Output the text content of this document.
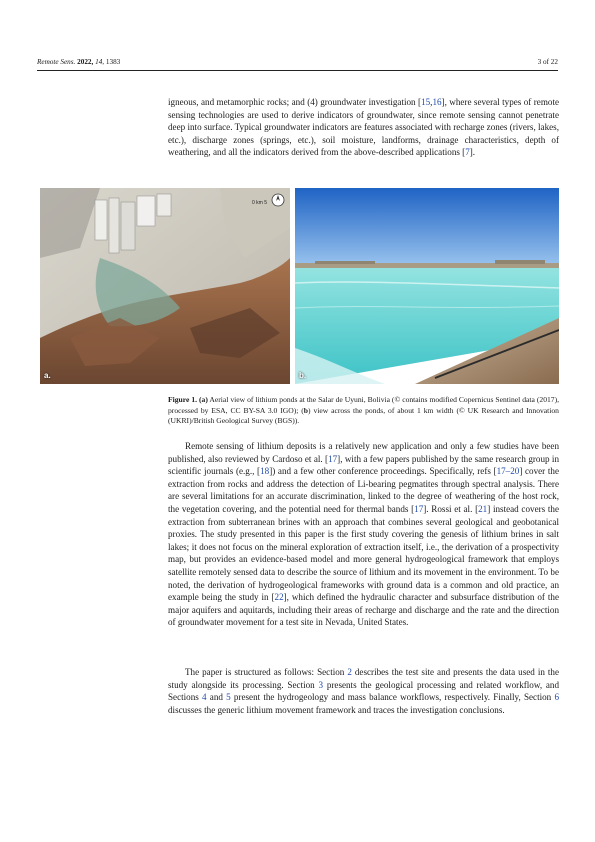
Remote Sens. 2022, 14, 1383	3 of 22

igneous, and metamorphic rocks; and (4) groundwater investigation [15,16], where several types of remote sensing technologies are used to derive indicators of groundwater, since remote sensing cannot penetrate deep into surface. Typical groundwater indicators are features associated with recharge zones (rivers, lakes, etc.), discharge zones (springs, etc.), soil moisture, landforms, drainage characteristics, depth of weathering, and all the indicators derived from the above-described applications [7].

a.	b.
0 km 5
Figure 1. (a) Aerial view of lithium ponds at the Salar de Uyuni, Bolivia (© contains modified Copernicus Sentinel data (2017), processed by ESA, CC BY-SA 3.0 IGO); (b) view across the ponds, of about 1 km width (© UK Research and Innovation (UKRI)/British Geological Survey (BGS)).

Remote sensing of lithium deposits is a relatively new application and only a few studies have been published, also reviewed by Cardoso et al. [17], with a few papers published by the same research group in scientific journals (e.g., [18]) and a few other conference proceedings. Specifically, refs [17–20] cover the extraction from rocks and address the detection of Li-bearing pegmatites through spectral analysis. There are several limitations for an accurate discrimination, linked to the degree of weathering of the host rock, the vegetation covering, and the potential need for thermal bands [17]. Rossi et al. [21] instead covers the extraction from subterranean brines with an approach that combines several geological and geobotanical proxies. The study presented in this paper is the first study covering the genesis of lithium brines in salt lakes; it does not focus on the mineral exploration of extraction itself, i.e., the derivation of a prospectivity map, but provides an evidence-based model and more general hydrogeological framework that employs satellite remotely sensed data to describe the source of lithium and its movement in the environment. To be noted, the derivation of hydrogeological frameworks with ground data is a common and old practice, an example being the study in [22], which defined the hydraulic character and subsurface distribution of the major aquifers and aquitards, including their areas of recharge and discharge and the rate and the direction of groundwater movement for a test site in Nevada, United States.

The paper is structured as follows: Section 2 describes the test site and presents the data used in the study alongside its processing. Section 3 presents the geological processing and related workflow, and Sections 4 and 5 present the hydrogeology and mass balance workflows, respectively. Finally, Section 6 discusses the generic lithium movement framework and traces the investigation conclusions.
